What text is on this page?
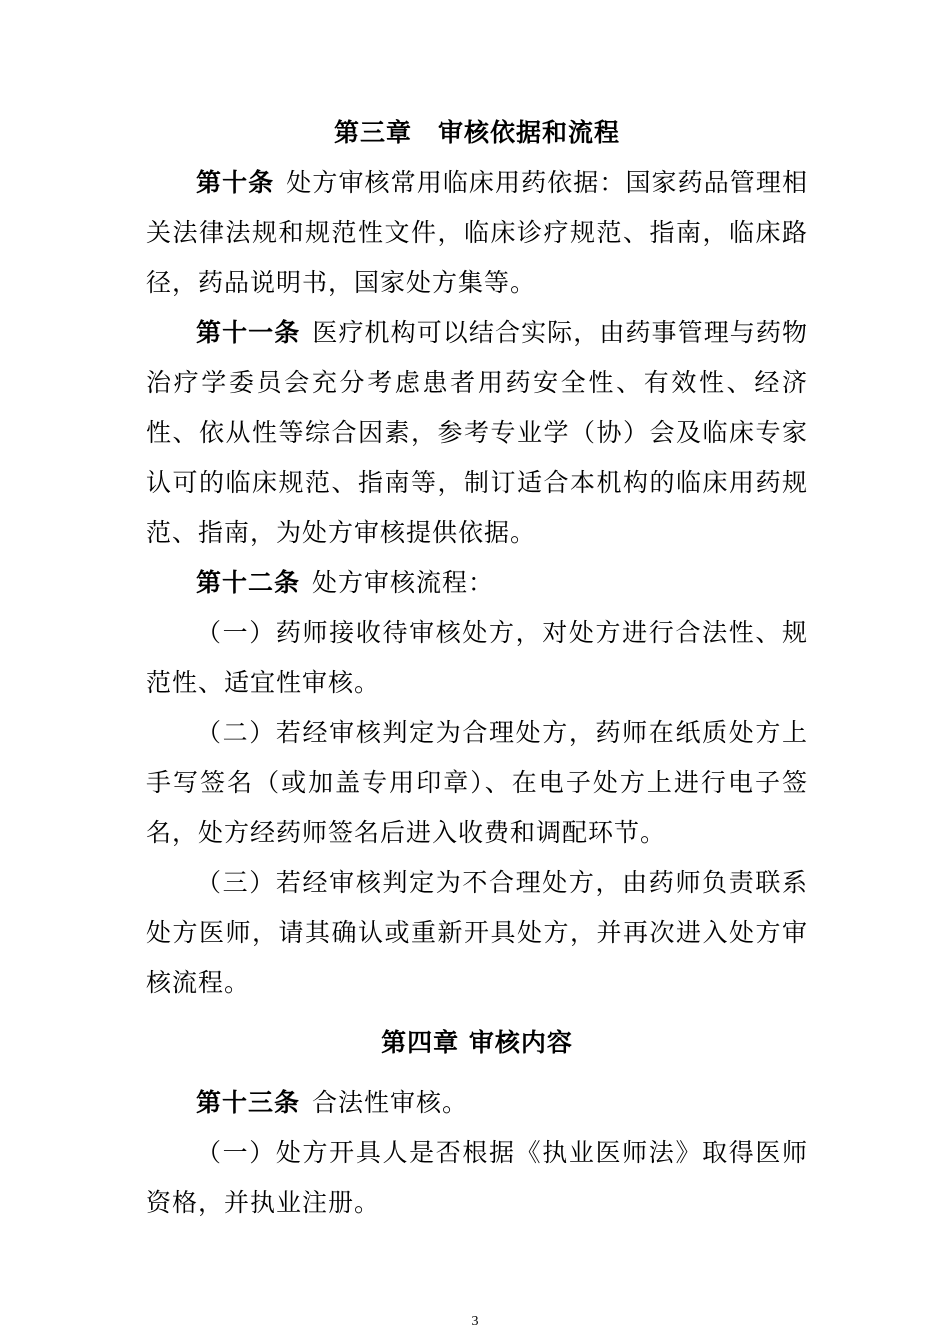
第三章　审核依据和流程

第十条 处方审核常用临床用药依据：国家药品管理相关法律法规和规范性文件，临床诊疗规范、指南，临床路径，药品说明书，国家处方集等。

第十一条 医疗机构可以结合实际，由药事管理与药物治疗学委员会充分考虑患者用药安全性、有效性、经济性、依从性等综合因素，参考专业学（协）会及临床专家认可的临床规范、指南等，制订适合本机构的临床用药规范、指南，为处方审核提供依据。

第十二条 处方审核流程：

（一）药师接收待审核处方，对处方进行合法性、规范性、适宜性审核。

（二）若经审核判定为合理处方，药师在纸质处方上手写签名（或加盖专用印章）、在电子处方上进行电子签名，处方经药师签名后进入收费和调配环节。

（三）若经审核判定为不合理处方，由药师负责联系处方医师，请其确认或重新开具处方，并再次进入处方审核流程。

第四章 审核内容

第十三条 合法性审核。

（一）处方开具人是否根据《执业医师法》取得医师资格，并执业注册。

3
